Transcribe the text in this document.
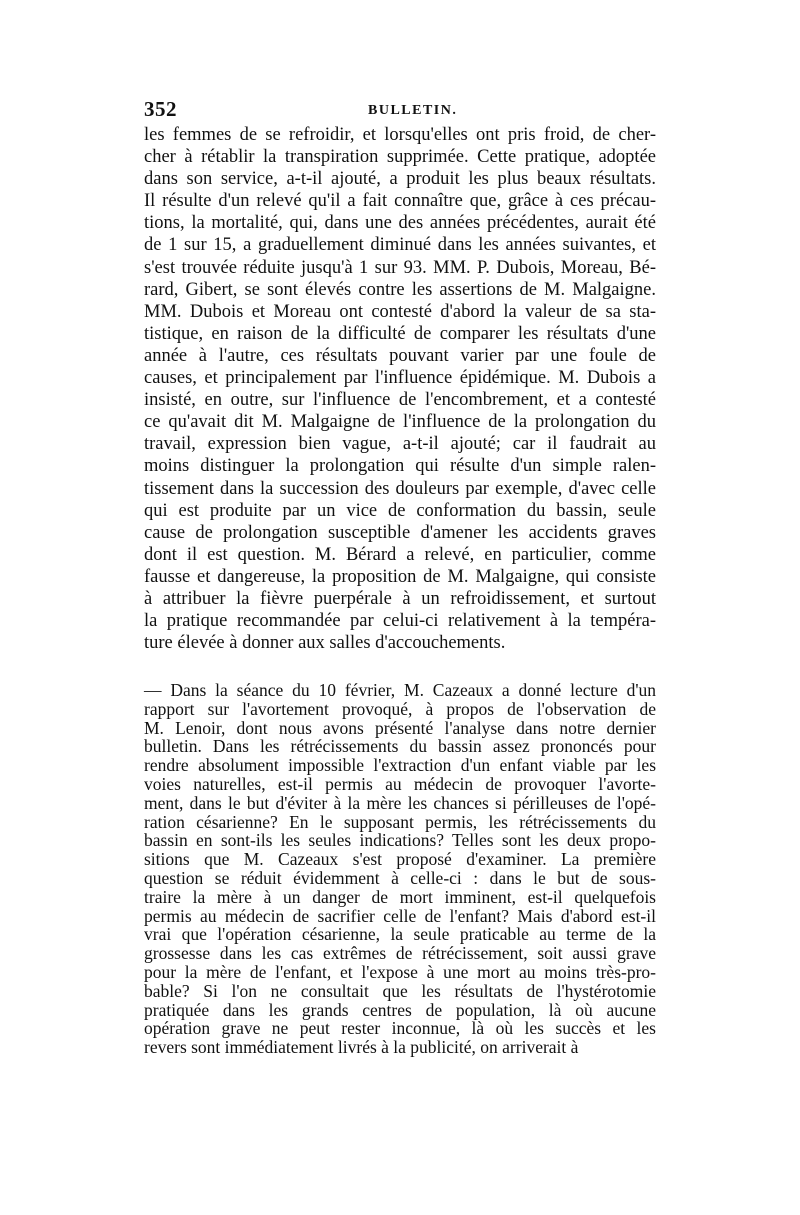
352	BULLETIN.
les femmes de se refroidir, et lorsqu'elles ont pris froid, de cher-
cher à rétablir la transpiration supprimée. Cette pratique, adoptée
dans son service, a-t-il ajouté, a produit les plus beaux résultats.
Il résulte d'un relevé qu'il a fait connaître que, grâce à ces précau-
tions, la mortalité, qui, dans une des années précédentes, aurait été
de 1 sur 15, a graduellement diminué dans les années suivantes, et
s'est trouvée réduite jusqu'à 1 sur 93. MM. P. Dubois, Moreau, Bé-
rard, Gibert, se sont élevés contre les assertions de M. Malgaigne.
MM. Dubois et Moreau ont contesté d'abord la valeur de sa sta-
tistique, en raison de la difficulté de comparer les résultats d'une
année à l'autre, ces résultats pouvant varier par une foule de
causes, et principalement par l'influence épidémique. M. Dubois a
insisté, en outre, sur l'influence de l'encombrement, et a contesté
ce qu'avait dit M. Malgaigne de l'influence de la prolongation du
travail, expression bien vague, a-t-il ajouté; car il faudrait au
moins distinguer la prolongation qui résulte d'un simple ralen-
tissement dans la succession des douleurs par exemple, d'avec celle
qui est produite par un vice de conformation du bassin, seule
cause de prolongation susceptible d'amener les accidents graves
dont il est question. M. Bérard a relevé, en particulier, comme
fausse et dangereuse, la proposition de M. Malgaigne, qui consiste
à attribuer la fièvre puerpérale à un refroidissement, et surtout
la pratique recommandée par celui-ci relativement à la tempéra-
ture élevée à donner aux salles d'accouchements.
— Dans la séance du 10 février, M. Cazeaux a donné lecture d'un
rapport sur l'avortement provoqué, à propos de l'observation de
M. Lenoir, dont nous avons présenté l'analyse dans notre dernier
bulletin. Dans les rétrécissements du bassin assez prononcés pour
rendre absolument impossible l'extraction d'un enfant viable par les
voies naturelles, est-il permis au médecin de provoquer l'avorte-
ment, dans le but d'éviter à la mère les chances si périlleuses de l'opé-
ration césarienne? En le supposant permis, les rétrécissements du
bassin en sont-ils les seules indications? Telles sont les deux propo-
sitions que M. Cazeaux s'est proposé d'examiner. La première
question se réduit évidemment à celle-ci : dans le but de sous-
traire la mère à un danger de mort imminent, est-il quelquefois
permis au médecin de sacrifier celle de l'enfant? Mais d'abord est-il
vrai que l'opération césarienne, la seule praticable au terme de la
grossesse dans les cas extrêmes de rétrécissement, soit aussi grave
pour la mère de l'enfant, et l'expose à une mort au moins très-pro-
bable? Si l'on ne consultait que les résultats de l'hystérotomie
pratiquée dans les grands centres de population, là où aucune
opération grave ne peut rester inconnue, là où les succès et les
revers sont immédiatement livrés à la publicité, on arriverait à
